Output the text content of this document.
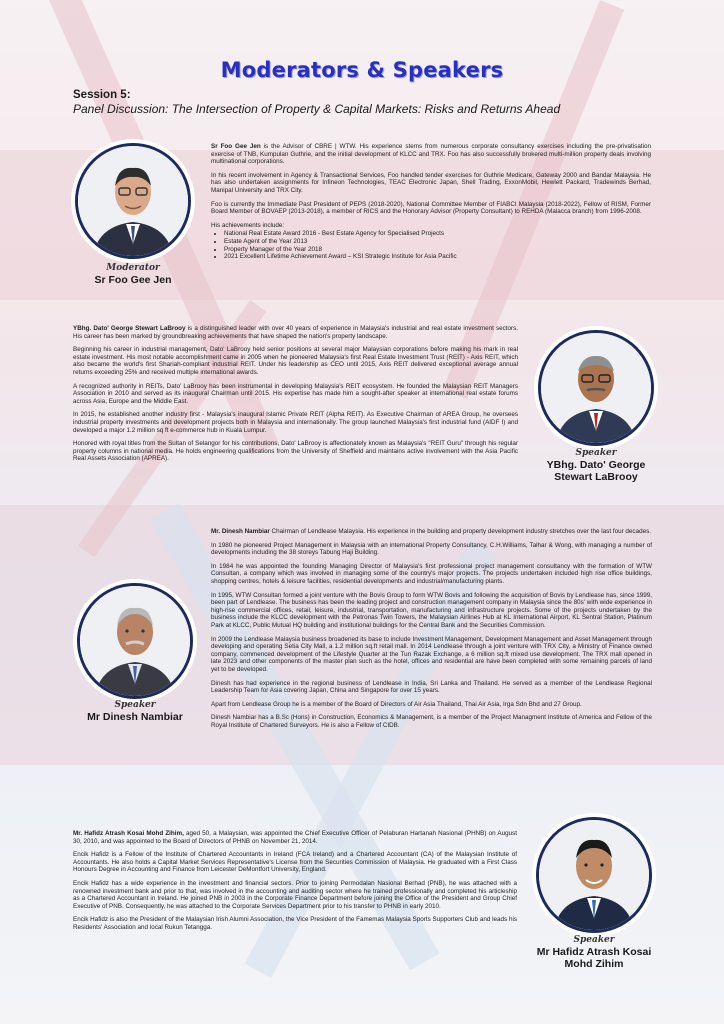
Moderators & Speakers
Session 5:
Panel Discussion: The Intersection of Property & Capital Markets: Risks and Returns Ahead
Moderator
Sr Foo Gee Jen

Sr Foo Gee Jen is the Advisor of CBRE | WTW. His experience stems from numerous corporate consultancy exercises including the pre-privatisation exercise of TNB, Kumpulan Guthrie, and the initial development of KLCC and TRX. Foo has also successfully brokered multi-million property deals involving multinational corporations.

In his recent involvement in Agency & Transactional Services, Foo handled tender exercises for Guthrie Medicare, Gateway 2000 and Bandar Malaysia. He has also undertaken assignments for Infineon Technologies, TEAC Electronic Japan, Shell Trading, ExxonMobil, Hewlett Packard, Tradewinds Berhad, Manipal University and TRX City.

Foo is currently the Immediate Past President of PEPS (2018-2020), National Committee Member of FIABCI Malaysia (2018-2022), Fellow of RISM, Former Board Member of BOVAEP (2013-2018), a member of RICS and the Honorary Advisor (Property Consultant) to REHDA (Malacca branch) from 1996-2008.

His achievements include:

• National Real Estate Award 2016 - Best Estate Agency for Specialised Projects
• Estate Agent of the Year 2013
• Property Manager of the Year 2018
• 2021 Excellent Lifetime Achievement Award – KSI Strategic Institute for Asia Pacific

YBhg. Dato' George Stewart LaBrooy is a distinguished leader with over 40 years of experience in Malaysia's industrial and real estate investment sectors. His career has been marked by groundbreaking achievements that have shaped the nation's property landscape.

Beginning his career in industrial management, Dato' LaBrooy held senior positions at several major Malaysian corporations before making his mark in real estate investment. His most notable accomplishment came in 2005 when he pioneered Malaysia's first Real Estate Investment Trust (REIT) - Axis REIT, which also became the world's first Shariah-compliant industrial REIT. Under his leadership as CEO until 2015, Axis REIT delivered exceptional average annual returns exceeding 25% and received multiple international awards.

A recognized authority in REITs, Dato' LaBrooy has been instrumental in developing Malaysia's REIT ecosystem. He founded the Malaysian REIT Managers Association in 2010 and served as its inaugural Chairman until 2015. His expertise has made him a sought-after speaker at international real estate forums across Asia, Europe and the Middle East.

In 2015, he established another industry first - Malaysia's inaugural Islamic Private REIT (Alpha REIT). As Executive Chairman of AREA Group, he oversees industrial property investments and development projects both in Malaysia and internationally. The group launched Malaysia's first industrial fund (AIDF I) and developed a major 1.2 million sq ft e-commerce hub in Kuala Lumpur.

Honored with royal titles from the Sultan of Selangor for his contributions, Dato' LaBrooy is affectionately known as Malaysia's "REIT Guru" through his regular property columns in national media. He holds engineering qualifications from the University of Sheffield and maintains active involvement with the Asia Pacific Real Assets Association (APREA).

Speaker
YBhg. Dato' George
Stewart LaBrooy
Speaker
Mr Dinesh Nambiar

Mr. Dinesh Nambiar Chairman of Lendlease Malaysia. His experience in the building and property development industry stretches over the last four decades.

In 1980 he pioneered Project Management in Malaysia with an international Property Consultancy, C.H.Williams, Talhar & Wong, with managing a number of developments including the 38 storeys Tabung Haji Building.

In 1984 he was appointed the founding Managing Director of Malaysia's first professional project management consultancy with the formation of WTW Consultan, a company which was involved in managing some of the country's major projects. The projects undertaken included high rise office buildings, shopping centres, hotels & leisure facilities, residential developments and industrial/manufacturing plants.

In 1995, WTW Consultan formed a joint venture with the Bovis Group to form WTW Bovis and following the acquisition of Bovis by Lendlease has, since 1999, been part of Lendlease. The business has been the leading project and construction management company in Malaysia since the 80s' with wide experience in high-rise commercial offices, retail, leisure, industrial, transportation, manufacturing and infrastructure projects. Some of the projects undertaken by the business include the KLCC development with the Petronas Twin Towers, the Malaysian Airlines Hub at KL International Airport, KL Sentral Station, Platinum Park at KLCC, Public Mutual HQ building and institutional buildings for the Central Bank and the Securities Commission.

In 2009 the Lendlease Malaysia business broadened its base to include Investment Management, Development Management and Asset Management through developing and operating Setia City Mall, a 1.2 million sq.ft retail mall. In 2014 Lendlease through a joint venture with TRX City, a Ministry of Finance owned company, commenced development of the Lifestyle Quarter at the Tun Razak Exchange, a 6 million sq.ft mixed use development. The TRX mall opened in late 2023 and other components of the master plan such as the hotel, offices and residential are have been completed with some remaining parcels of land yet to be developed.

Dinesh has had experience in the regional business of Lendlease in India, Sri Lanka and Thailand. He served as a member of the Lendlease Regional Leadership Team for Asia covering Japan, China and Singapore for over 15 years.

Apart from Lendlease Group he is a member of the Board of Directors of Air Asia Thailand, Thai Air Asia, Irga Sdn Bhd and 27 Group.

Dinesh Nambiar has a B.Sc (Hons) in Construction, Economics & Management, is a member of the Project Managment Institute of America and Fellow of the Royal Institute of Chartered Surveyors. He is also a Fellow of CIDB.

Mr. Hafidz Atrash Kosai Mohd Zihim, aged 50, a Malaysian, was appointed the Chief Executive Officer of Pelaburan Hartanah Nasional (PHNB) on August 30, 2010, and was appointed to the Board of Directors of PHNB on November 21, 2014.

Encik Hafidz is a Fellow of the Institute of Chartered Accountants in Ireland (FCA Ireland) and a Chartered Accountant (CA) of the Malaysian Institute of Accountants. He also holds a Capital Market Services Representative's License from the Securities Commission of Malaysia. He graduated with a First Class Honours Degree in Accounting and Finance from Leicester DeMontfort University, England.

Encik Hafidz has a wide experience in the investment and financial sectors. Prior to joining Permodalan Nasional Berhad (PNB), he was attached with a renowned investment bank and prior to that, was involved in the accounting and auditing sector where he trained professionally and completed his articleship as a Chartered Accountant in Ireland. He joined PNB in 2003 in the Corporate Finance Department before joining the Office of the President and Group Chief Executive of PNB. Consequently, he was attached to the Corporate Services Department prior to his transfer to PHNB in early 2010.

Encik Hafidz is also the President of the Malaysian Irish Alumni Association, the Vice President of the Famemas Malaysia Sports Supporters Club and leads his Residents' Association and local Rukun Tetangga.

Speaker
Mr Hafidz Atrash Kosai
Mohd Zihim
